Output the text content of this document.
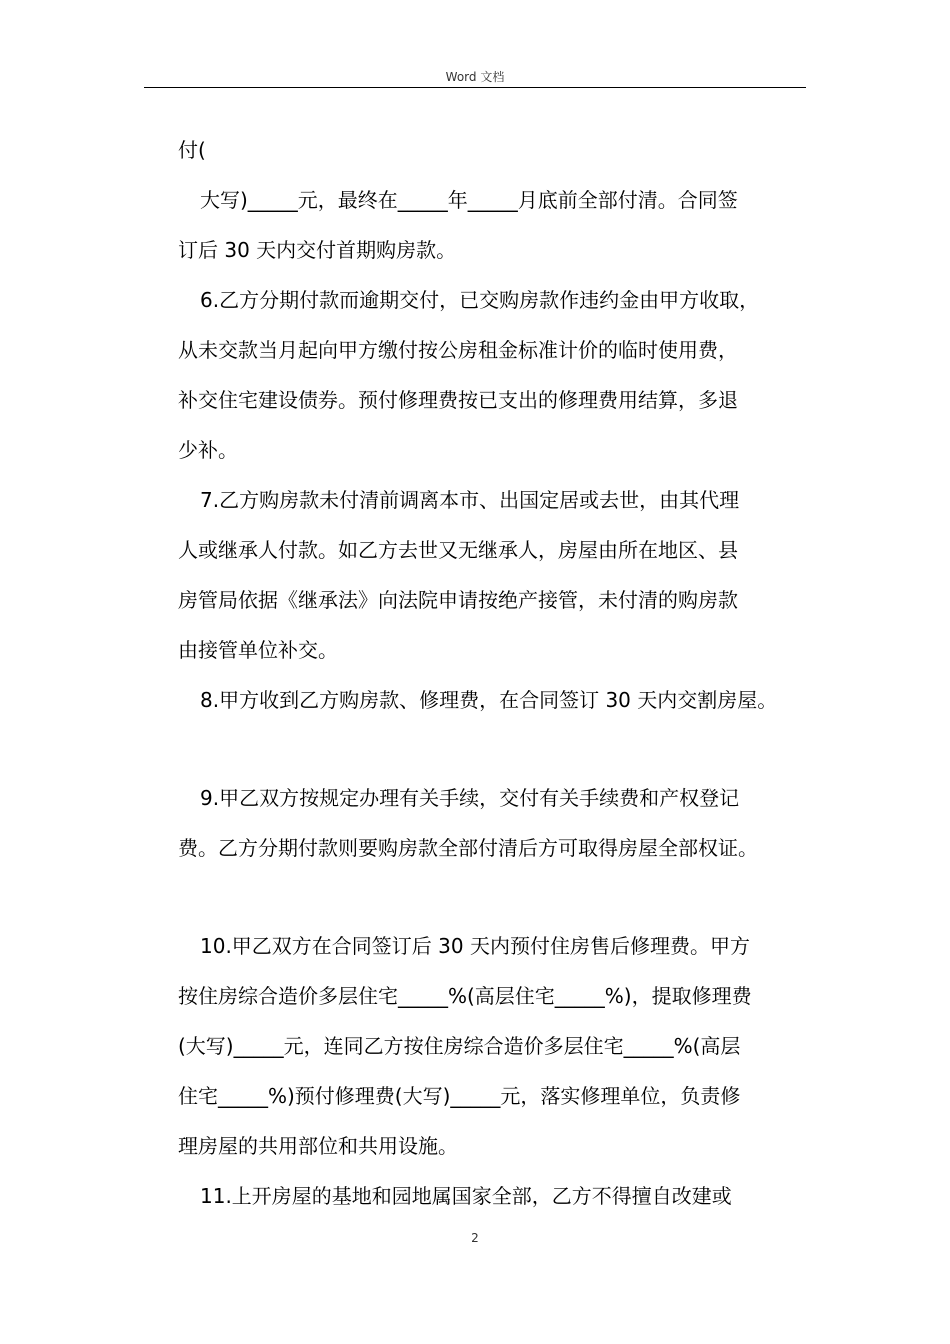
Word 文档
付(
大写)_____元，最终在_____年_____月底前全部付清。合同签
订后 30 天内交付首期购房款。
6.乙方分期付款而逾期交付，已交购房款作违约金由甲方收取，
从未交款当月起向甲方缴付按公房租金标准计价的临时使用费，
补交住宅建设债券。预付修理费按已支出的修理费用结算，多退
少补。
7.乙方购房款未付清前调离本市、出国定居或去世，由其代理
人或继承人付款。如乙方去世又无继承人，房屋由所在地区、县
房管局依据《继承法》向法院申请按绝产接管，未付清的购房款
由接管单位补交。
8.甲方收到乙方购房款、修理费，在合同签订 30 天内交割房屋。
9.甲乙双方按规定办理有关手续，交付有关手续费和产权登记
费。乙方分期付款则要购房款全部付清后方可取得房屋全部权证。
10.甲乙双方在合同签订后 30 天内预付住房售后修理费。甲方
按住房综合造价多层住宅_____%(高层住宅_____%)，提取修理费
(大写)_____元，连同乙方按住房综合造价多层住宅_____%(高层
住宅_____%)预付修理费(大写)_____元，落实修理单位，负责修
理房屋的共用部位和共用设施。
11.上开房屋的基地和园地属国家全部，乙方不得擅自改建或
2
